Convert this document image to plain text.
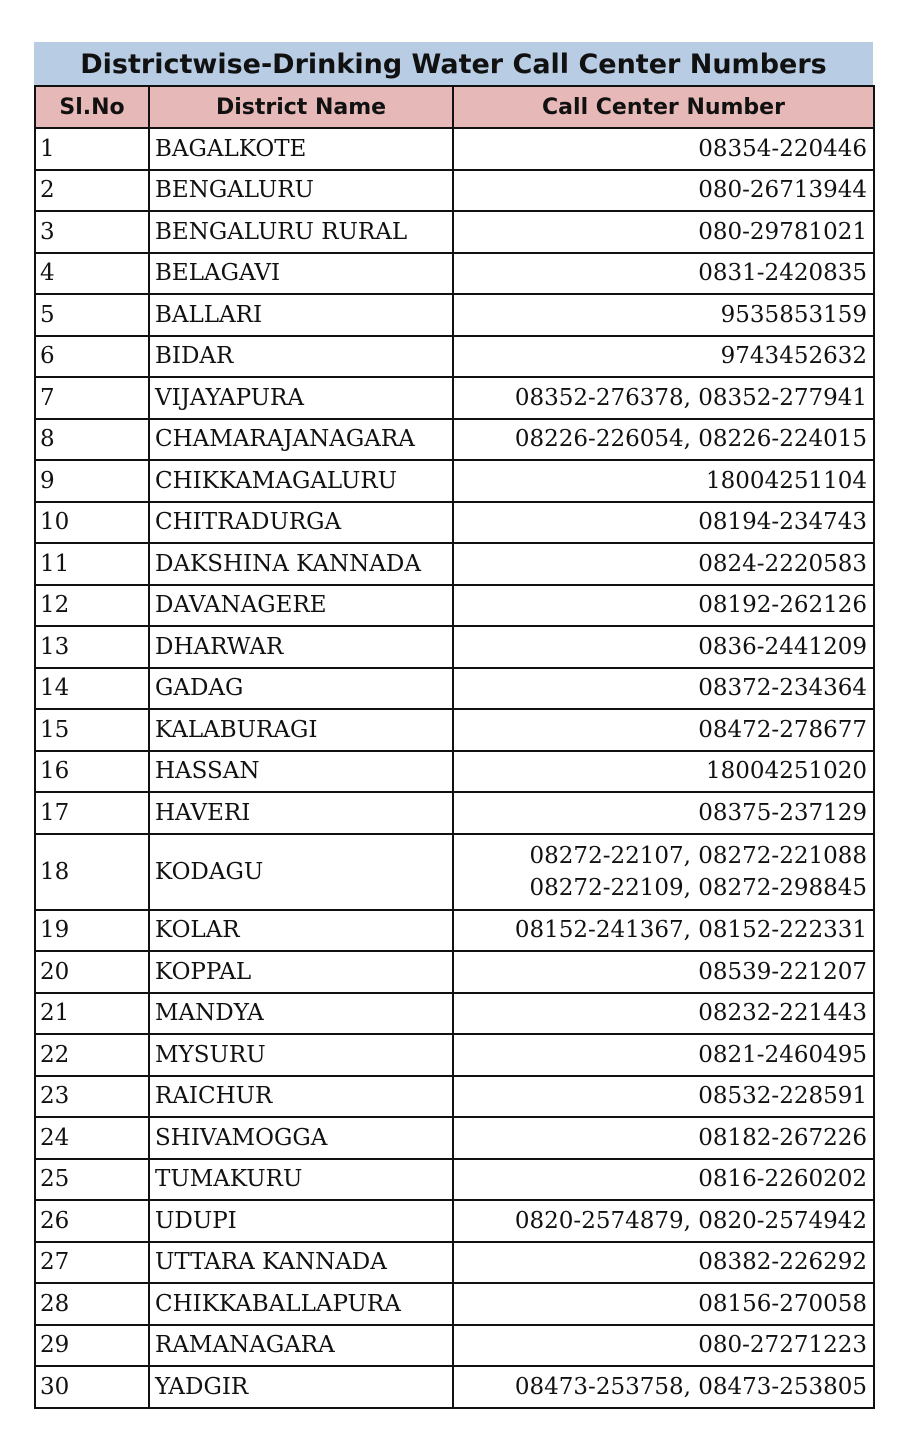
Districtwise-Drinking Water Call Center Numbers
Sl.No	District Name	Call Center Number
1	BAGALKOTE	08354-220446

2	BENGALURU	080-26713944

3	BENGALURU RURAL	080-29781021

4	BELAGAVI	0831-2420835

5	BALLARI	9535853159

6	BIDAR	9743452632

7	VIJAYAPURA	08352-276378, 08352-277941

8	CHAMARAJANAGARA	08226-226054, 08226-224015

9	CHIKKAMAGALURU	18004251104

10	CHITRADURGA	08194-234743

11	DAKSHINA KANNADA	0824-2220583

12	DAVANAGERE	08192-262126

13	DHARWAR	0836-2441209

14	GADAG	08372-234364

15	KALABURAGI	08472-278677

16	HASSAN	18004251020

17	HAVERI	08375-237129

18	KODAGU	08272-22107, 08272-221088
08272-22109, 08272-298845

19	KOLAR	08152-241367, 08152-222331

20	KOPPAL	08539-221207

21	MANDYA	08232-221443

22	MYSURU	0821-2460495

23	RAICHUR	08532-228591

24	SHIVAMOGGA	08182-267226

25	TUMAKURU	0816-2260202

26	UDUPI	0820-2574879, 0820-2574942

27	UTTARA KANNADA	08382-226292

28	CHIKKABALLAPURA	08156-270058

29	RAMANAGARA	080-27271223

30	YADGIR	08473-253758, 08473-253805
